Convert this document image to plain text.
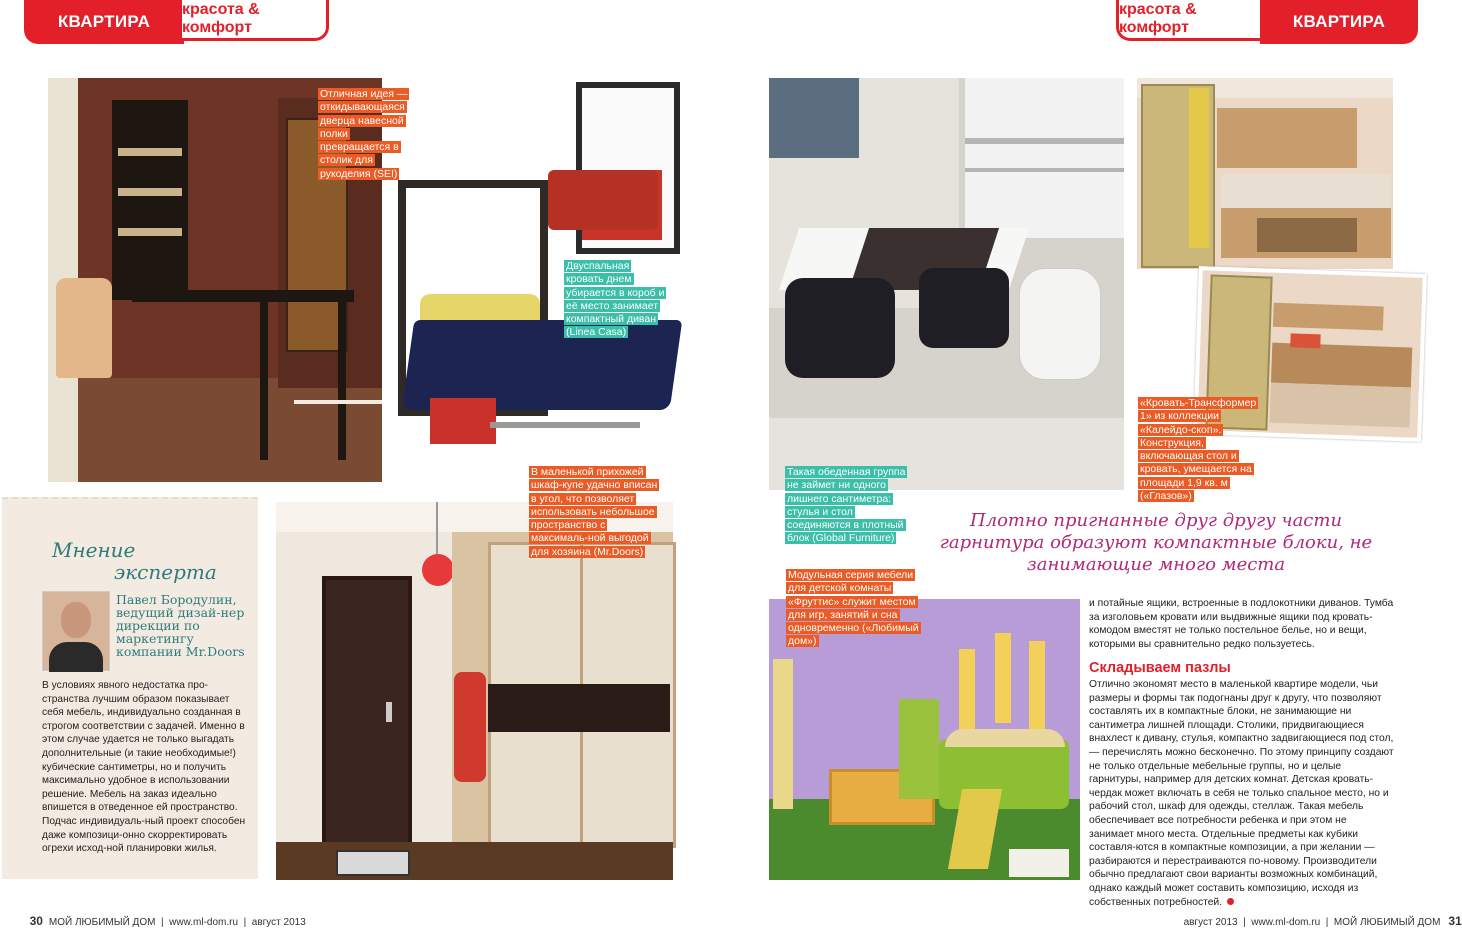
КВАРТИРА
красота & комфорт
красота & комфорт	КВАРТИРА
Отличная идея — откидывающаяся дверца навесной полки превращается в столик для рукоделия (SEI)
Двуспальная кровать днем убирается в короб и её место занимает компактный диван (Linea Casa)
В маленькой прихожей шкаф-купе удачно вписан в угол, что позволяет использовать небольшое пространство с максималь-ной выгодой для хозяина (Mr.Doors)
Такая обеденная группа не займет ни одного лишнего сантиметра: стулья и стол соединяются в плотный блок (Global Furniture)
«Кровать-Трансформер 1» из коллекции «Калейдо-скоп». Конструкция, включающая стол и кровать, умещается на площади 1,9 кв. м («Глазов»)
Модульная серия мебели для детской комнаты «Фруттис» служит местом для игр, занятий и сна одновременно («Любимый дом»)
Мнение
эксперта
Павел Бородулин, ведущий дизай-нер дирекции по маркетингу компании Mr.Doors
В условиях явного недостатка про-странства лучшим образом показывает себя мебель, индивидуально созданная в строгом соответствии с задачей. Именно в этом случае удается не только выгадать дополнительные (и такие необходимые!) кубические сантиметры, но и получить максимально удобное в использовании решение. Мебель на заказ идеально впишется в отведенное ей пространство. Подчас индивидуаль-ный проект способен даже композици-онно скорректировать огрехи исход-ной планировки жилья.
Плотно пригнанные друг другу части гарнитура образуют компактные блоки, не занимающие много места
и потайные ящики, встроенные в подлокотники диванов. Тумба за изголовьем кровати или выдвижные ящики под кровать-комодом вместят не только постельное белье, но и вещи, которыми вы сравнительно редко пользуетесь.
Складываем пазлы
Отлично экономят место в маленькой квартире модели, чьи размеры и формы так подогнаны друг к другу, что позволяют составлять их в компактные блоки, не занимающие ни сантиметра лишней площади. Столики, придвигающиеся внахлест к дивану, стулья, компактно задвигающиеся под стол, — перечислять можно бесконечно. По этому принципу создают не только отдельные мебельные группы, но и целые гарнитуры, например для детских комнат. Детская кровать-чердак может включать в себя не только спальное место, но и рабочий стол, шкаф для одежды, стеллаж. Такая мебель обеспечивает все потребности ребенка и при этом не занимает много места. Отдельные предметы как кубики составля-ются в компактные композиции, а при желании — разбираются и перестраиваются по-новому. Производители обычно предлагают свои варианты возможных комбинаций, однако каждый может составить композицию, исходя из собственных потребностей.

30 МОЙ ЛЮБИМЫЙ ДОМ  |  www.ml-dom.ru  |  август 2013	август 2013  |  www.ml-dom.ru  |  МОЙ ЛЮБИМЫЙ ДОМ 31
